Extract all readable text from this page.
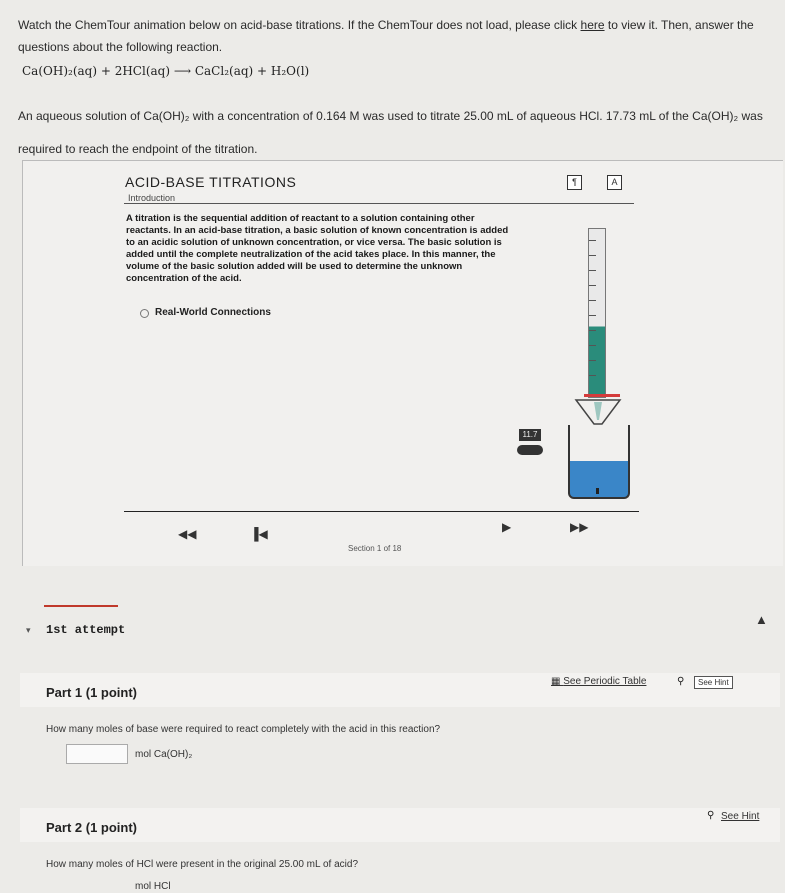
Watch the ChemTour animation below on acid-base titrations. If the ChemTour does not load, please click here to view it. Then, answer the questions about the following reaction.
Ca(OH)₂(aq) + 2HCl(aq) ⟶ CaCl₂(aq) + H₂O(l)
An aqueous solution of Ca(OH)₂ with a concentration of 0.164 M was used to titrate 25.00 mL of aqueous HCl. 17.73 mL of the Ca(OH)₂ was required to reach the endpoint of the titration.
ACID-BASE TITRATIONS
Introduction
¶	A
A titration is the sequential addition of reactant to a solution containing other reactants. In an acid-base titration, a basic solution of known concentration is added to an acidic solution of unknown concentration, or vice versa. The basic solution is added until the complete neutralization of the acid takes place. In this manner, the volume of the basic solution added will be used to determine the unknown concentration of the acid.
Real-World Connections
11.7
◀◀	▐◀	▶	▶▶
Section 1 of 18
▾ 1st attempt
▲
Part 1 (1 point)
▦ See Periodic Table	⚲	See Hint
How many moles of base were required to react completely with the acid in this reaction?
mol Ca(OH)₂
Part 2 (1 point)
⚲ See Hint
How many moles of HCl were present in the original 25.00 mL of acid?
mol HCl
